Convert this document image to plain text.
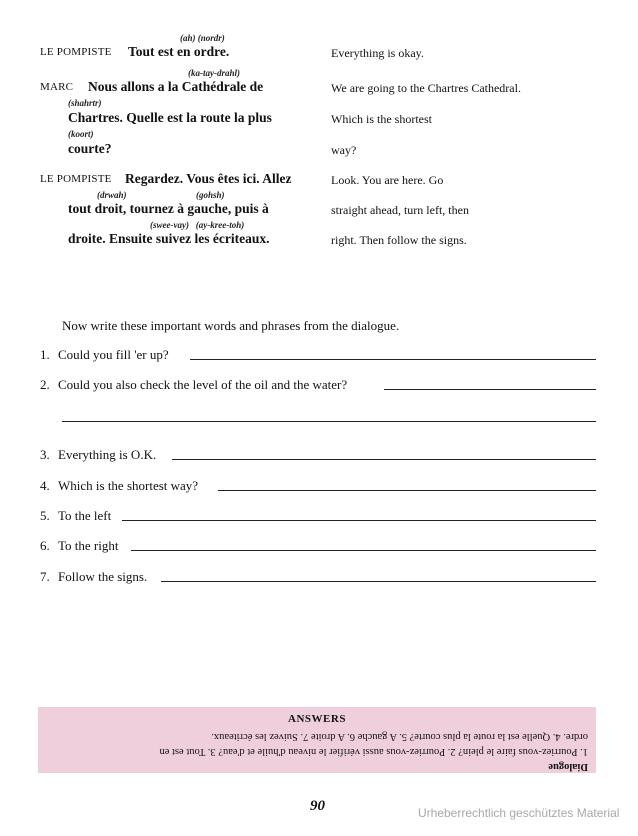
(ah) (nordr)
LE POMPISTE Tout est en ordre.	Everything is okay.
(ka-tay-drahl)
MARC Nous allons a la Cathédrale de	We are going to the Chartres Cathedral.
(shahrtr)
Chartres. Quelle est la route la plus	Which is the shortest
(koort)
courte?	way?
LE POMPISTE Regardez. Vous êtes ici. Allez	Look. You are here. Go
(drwah)	(gohsh)
tout droit, tournez à gauche, puis à	straight ahead, turn left, then
(swee-vay)   (ay-kree-toh)
droite. Ensuite suivez les écriteaux.	right. Then follow the signs.
Now write these important words and phrases from the dialogue.
1. Could you fill 'er up?
2. Could you also check the level of the oil and the water?
3. Everything is O.K.
4. Which is the shortest way?
5. To the left
6. To the right
7. Follow the signs.
ANSWERS
Dialogue
1. Pourriez-vous faire le plein? 2. Pourriez-vous aussi vérifier le niveau d'huile et d'eau? 3. Tout est en
ordre. 4. Quelle est la route la plus courte? 5. A gauche 6. A droite 7. Suivez les écriteaux.
90	Urheberrechtlich geschütztes Material
